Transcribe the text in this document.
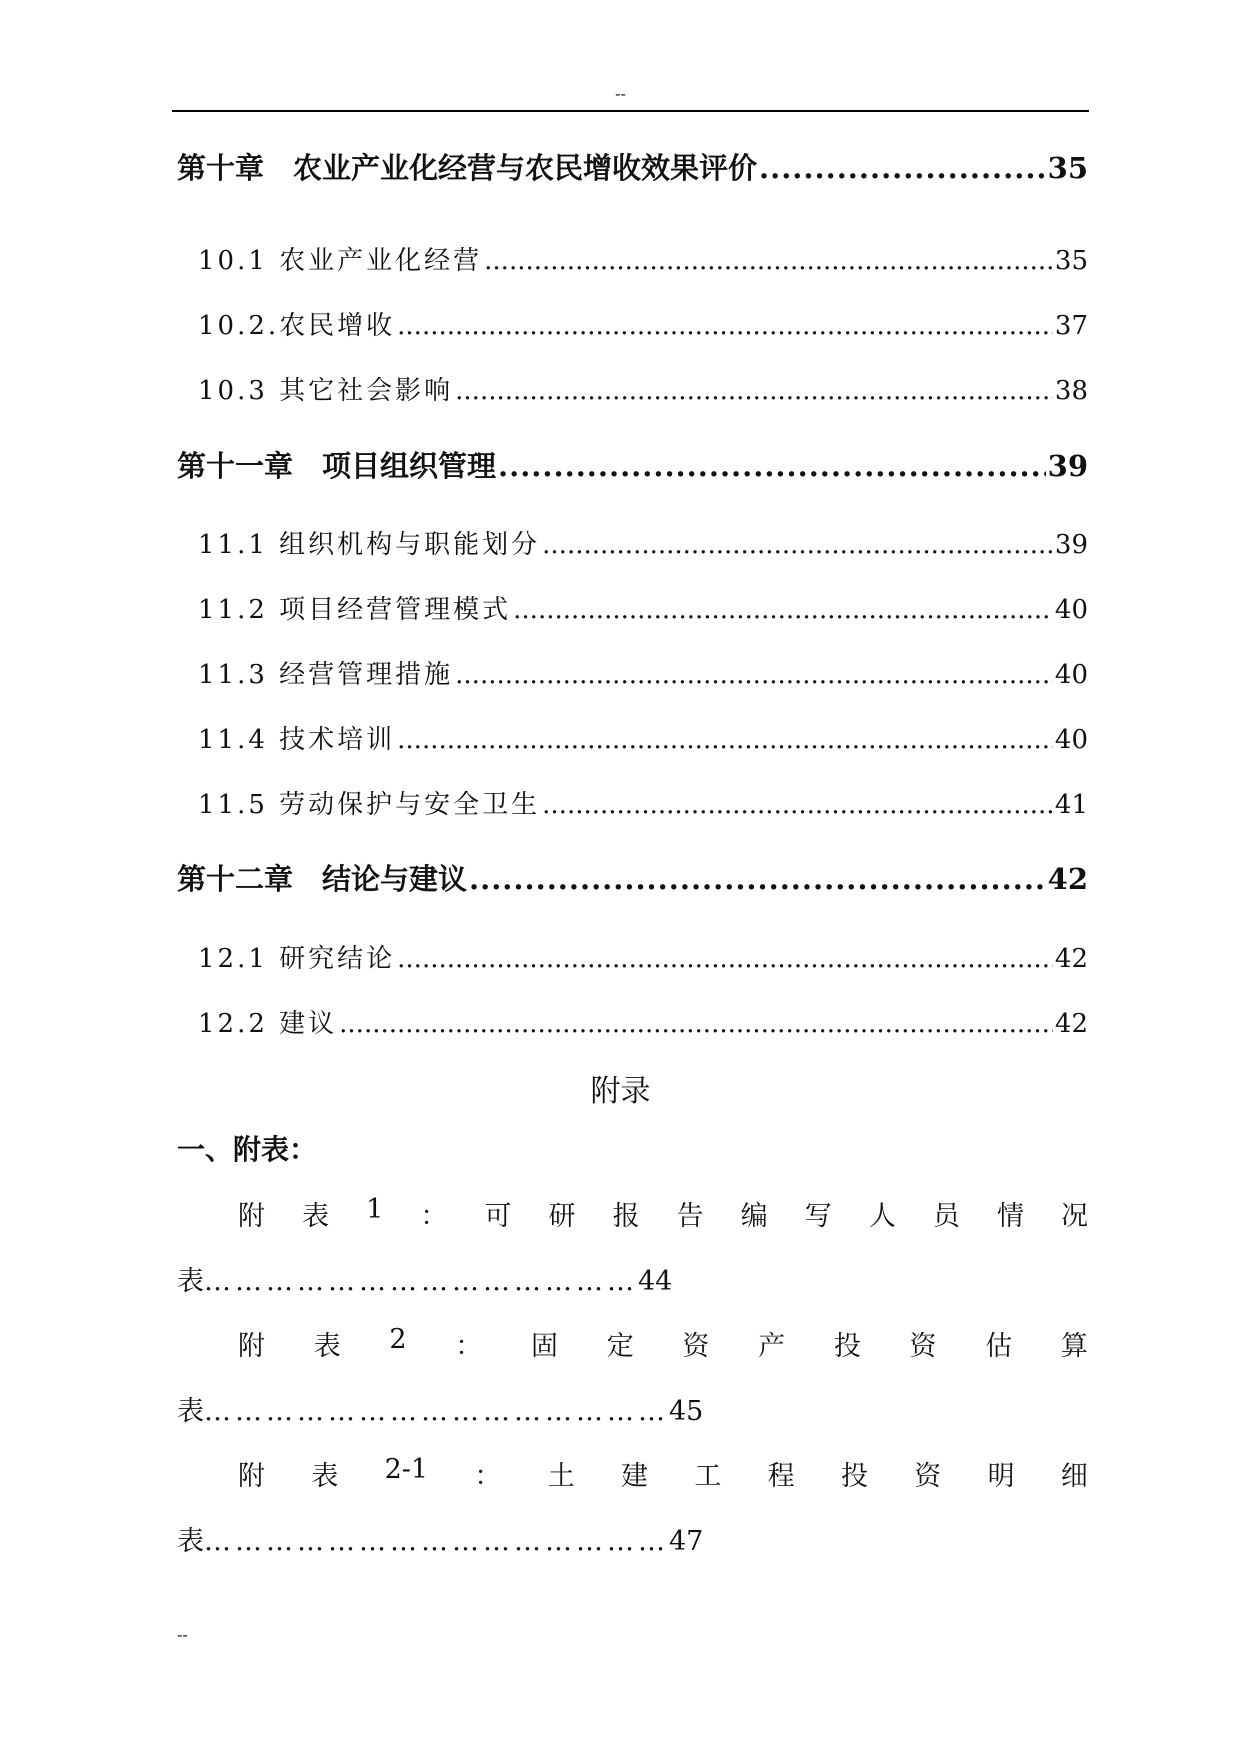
--
第十章　农业产业化经营与农民增收效果评价 .....	35
10.1 农业产业化经营 .....	35
10.2.农民增收 .....	37
10.3 其它社会影响 .....	38
第十一章　项目组织管理 .....	39
11.1 组织机构与职能划分 .....	39
11.2 项目经营管理模式 .....	40
11.3 经营管理措施 .....	40
11.4 技术培训 .....	40
11.5 劳动保护与安全卫生 .....	41
第十二章　结论与建议 .....	42
12.1 研究结论 .....	42
12.2 建议 .....	42
附录
一、附表：
附 表 1 ： 可 研 报 告 编 写 人 员 情 况
表……………………………………44
附 表 2 ： 固 定 资 产 投 资 估 算
表………………………………………45
附 表 2-1 ： 土 建 工 程 投 资 明 细
表………………………………………47
--
